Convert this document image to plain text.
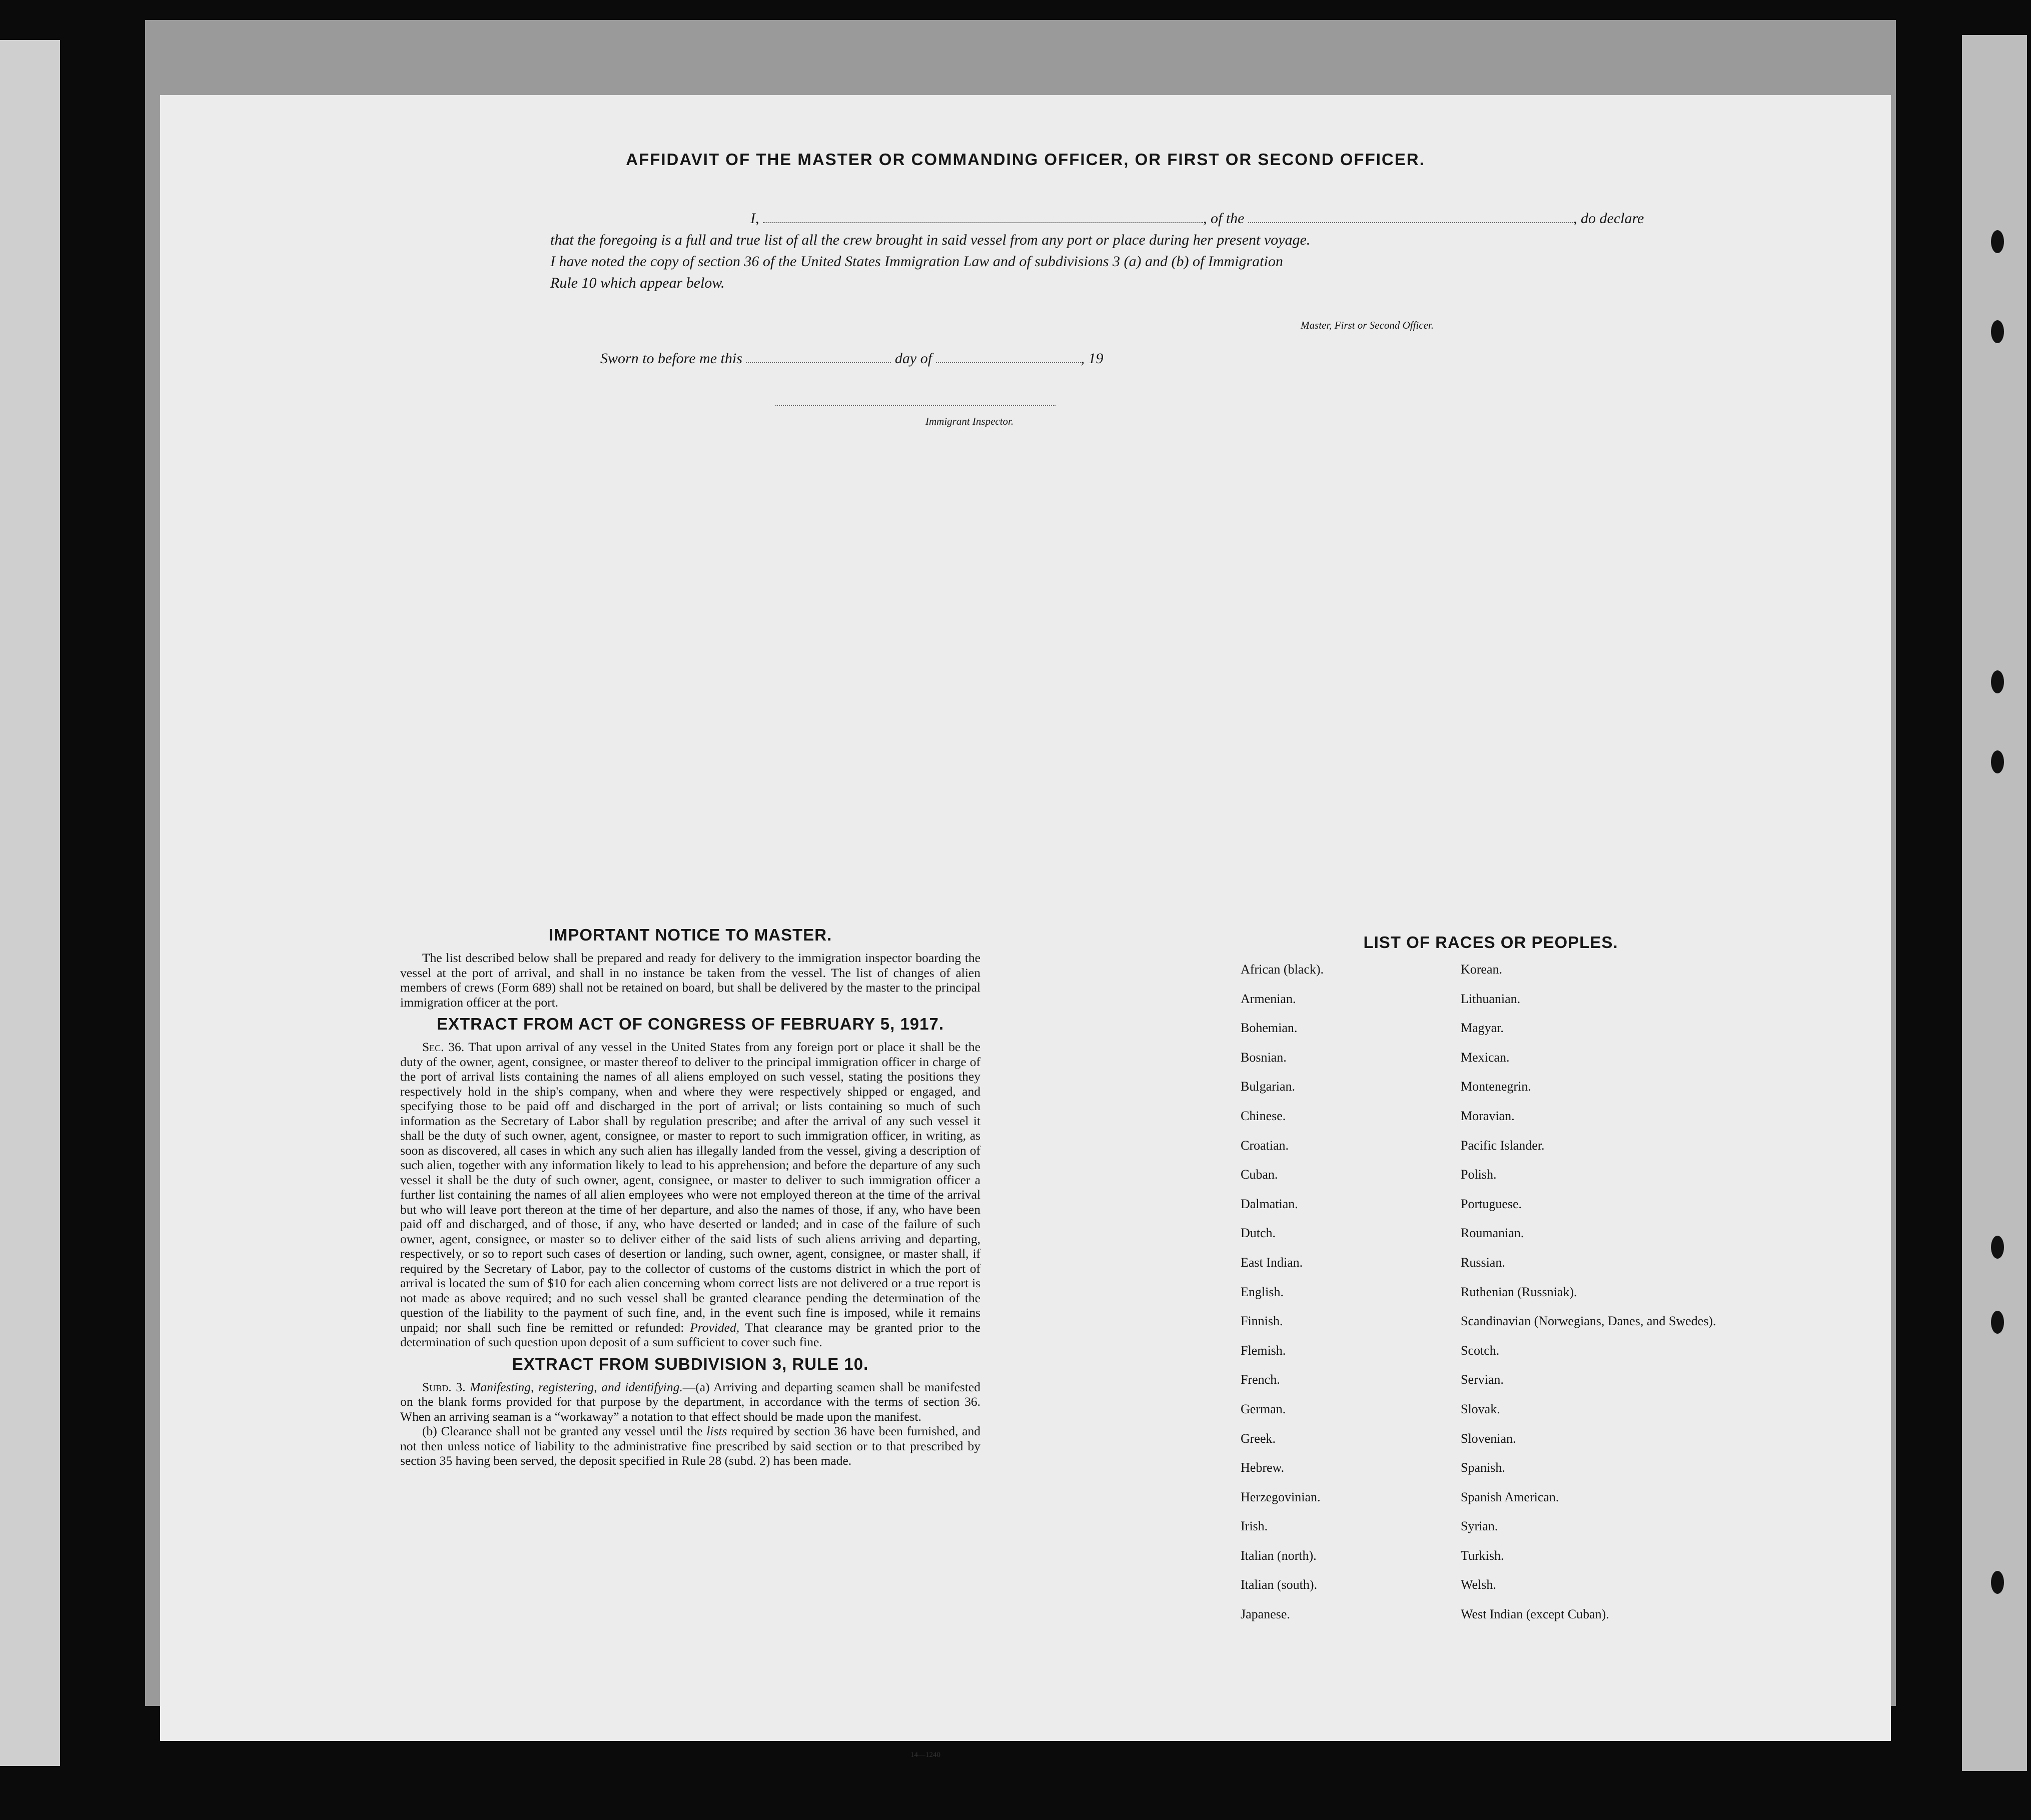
AFFIDAVIT OF THE MASTER OR COMMANDING OFFICER, OR FIRST OR SECOND OFFICER.

I,	, of the	, do declare

that the foregoing is a full and true list of all the crew brought in said vessel from any port or place during her present voyage.

I have noted the copy of section 36 of the United States Immigration Law and of subdivisions 3 (a) and (b) of Immigration

Rule 10 which appear below.

Master, First or Second Officer.
Sworn to before me this	day of	, 19
Immigrant Inspector.
IMPORTANT NOTICE TO MASTER.

The list described below shall be prepared and ready for delivery to the immigration inspector boarding the vessel at the port of arrival, and shall in no instance be taken from the vessel. The list of changes of alien members of crews (Form 689) shall not be retained on board, but shall be delivered by the master to the principal immigration officer at the port.

EXTRACT FROM ACT OF CONGRESS OF FEBRUARY 5, 1917.

Sec. 36. That upon arrival of any vessel in the United States from any foreign port or place it shall be the duty of the owner, agent, consignee, or master thereof to deliver to the principal immigration officer in charge of the port of arrival lists containing the names of all aliens employed on such vessel, stating the positions they respectively hold in the ship's company, when and where they were respectively shipped or engaged, and specifying those to be paid off and discharged in the port of arrival; or lists containing so much of such information as the Secretary of Labor shall by regulation prescribe; and after the arrival of any such vessel it shall be the duty of such owner, agent, consignee, or master to report to such immigration officer, in writing, as soon as discovered, all cases in which any such alien has illegally landed from the vessel, giving a description of such alien, together with any information likely to lead to his apprehension; and before the departure of any such vessel it shall be the duty of such owner, agent, consignee, or master to deliver to such immigration officer a further list containing the names of all alien employees who were not employed thereon at the time of the arrival but who will leave port thereon at the time of her departure, and also the names of those, if any, who have been paid off and discharged, and of those, if any, who have deserted or landed; and in case of the failure of such owner, agent, consignee, or master so to deliver either of the said lists of such aliens arriving and departing, respectively, or so to report such cases of desertion or landing, such owner, agent, consignee, or master shall, if required by the Secretary of Labor, pay to the collector of customs of the customs district in which the port of arrival is located the sum of $10 for each alien concerning whom correct lists are not delivered or a true report is not made as above required; and no such vessel shall be granted clearance pending the determination of the question of the liability to the payment of such fine, and, in the event such fine is imposed, while it remains unpaid; nor shall such fine be remitted or refunded: Provided, That clearance may be granted prior to the determination of such question upon deposit of a sum sufficient to cover such fine.

EXTRACT FROM SUBDIVISION 3, RULE 10.

Subd. 3. Manifesting, registering, and identifying.—(a) Arriving and departing seamen shall be manifested on the blank forms provided for that purpose by the department, in accordance with the terms of section 36. When an arriving seaman is a “workaway” a notation to that effect should be made upon the manifest.

(b) Clearance shall not be granted any vessel until the lists required by section 36 have been furnished, and not then unless notice of liability to the administrative fine prescribed by said section or to that prescribed by section 35 having been served, the deposit specified in Rule 28 (subd. 2) has been made.

14—1240
LIST OF RACES OR PEOPLES.
African (black).	Korean.
Armenian.	Lithuanian.
Bohemian.	Magyar.
Bosnian.	Mexican.
Bulgarian.	Montenegrin.
Chinese.	Moravian.
Croatian.	Pacific Islander.
Cuban.	Polish.
Dalmatian.	Portuguese.
Dutch.	Roumanian.
East Indian.	Russian.
English.	Ruthenian (Russniak).
Finnish.	Scandinavian (Norwegians, Danes, and Swedes).
Flemish.	Scotch.
French.	Servian.
German.	Slovak.
Greek.	Slovenian.
Hebrew.	Spanish.
Herzegovinian.	Spanish American.
Irish.	Syrian.
Italian (north).	Turkish.
Italian (south).	Welsh.
Japanese.	West Indian (except Cuban).
